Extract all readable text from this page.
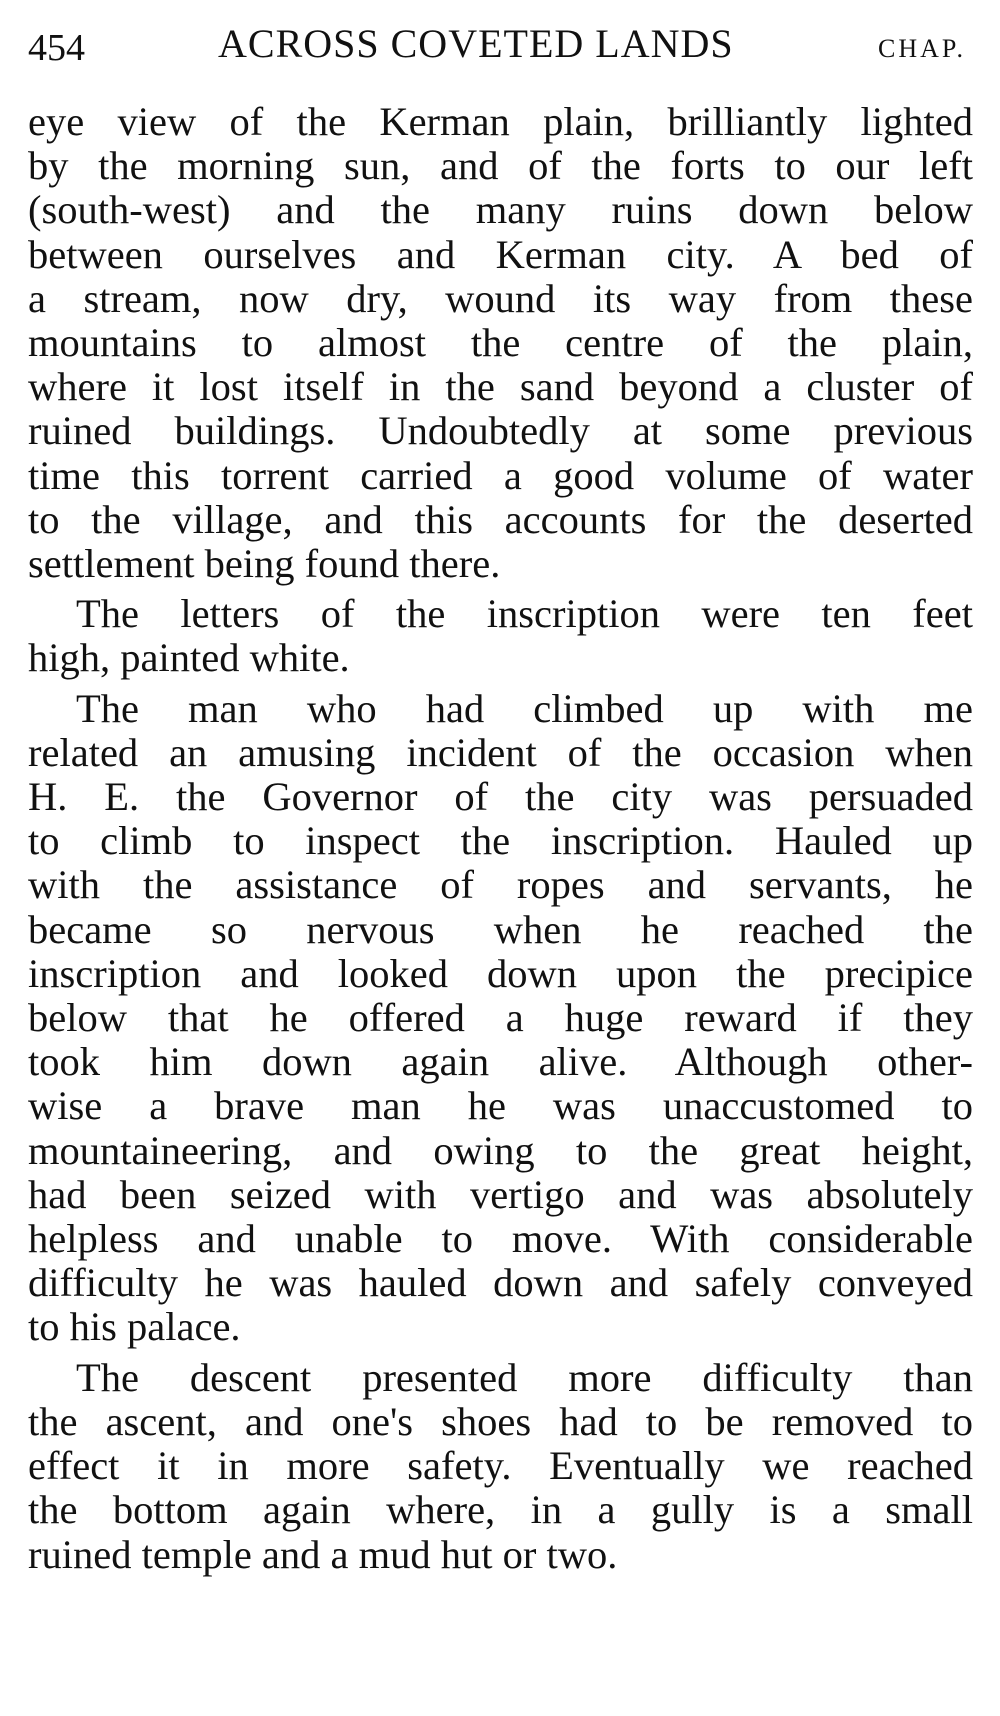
454	ACROSS COVETED LANDS	CHAP.

eye view of the Kerman plain, brilliantly lighted
by the morning sun, and of the forts to our left
(south-west) and the many ruins down below
between ourselves and Kerman city. A bed of
a stream, now dry, wound its way from these
mountains to almost the centre of the plain,
where it lost itself in the sand beyond a cluster of
ruined buildings. Undoubtedly at some previous
time this torrent carried a good volume of water
to the village, and this accounts for the deserted
settlement being found there.

The letters of the inscription were ten feet
high, painted white.

The man who had climbed up with me
related an amusing incident of the occasion when
H. E. the Governor of the city was persuaded
to climb to inspect the inscription. Hauled up
with the assistance of ropes and servants, he
became so nervous when he reached the
inscription and looked down upon the precipice
below that he offered a huge reward if they
took him down again alive. Although other-
wise a brave man he was unaccustomed to
mountaineering, and owing to the great height,
had been seized with vertigo and was absolutely
helpless and unable to move. With considerable
difficulty he was hauled down and safely conveyed
to his palace.

The descent presented more difficulty than
the ascent, and one's shoes had to be removed to
effect it in more safety. Eventually we reached
the bottom again where, in a gully is a small
ruined temple and a mud hut or two.
